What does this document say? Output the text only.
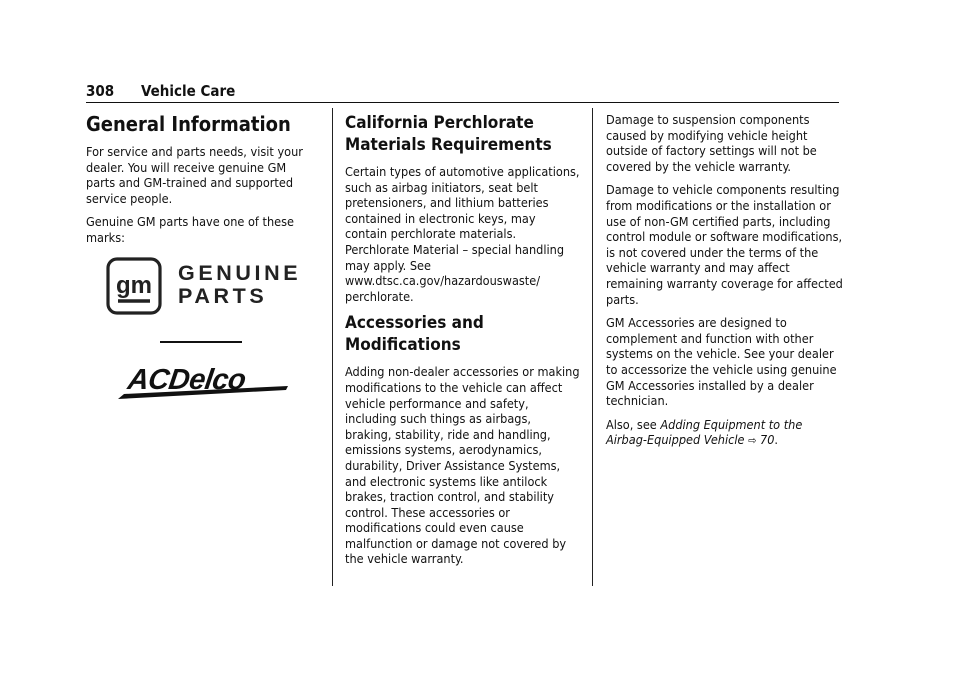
308 Vehicle Care
General Information

For service and parts needs, visit your dealer. You will receive genuine GM parts and GM-trained and supported service people.

Genuine GM parts have one of these marks:

gm GENUINE
PARTS
ACDelco
California Perchlorate Materials Requirements

Certain types of automotive applications, such as airbag initiators, seat belt pretensioners, and lithium batteries contained in electronic keys, may contain perchlorate materials. Perchlorate Material – special handling may apply. See www.dtsc.ca.gov/hazardouswaste/ perchlorate.

Accessories and Modifications

Adding non-dealer accessories or making modifications to the vehicle can affect vehicle performance and safety, including such things as airbags, braking, stability, ride and handling, emissions systems, aerodynamics, durability, Driver Assistance Systems, and electronic systems like antilock brakes, traction control, and stability control. These accessories or modifications could even cause malfunction or damage not covered by the vehicle warranty.

Damage to suspension components caused by modifying vehicle height outside of factory settings will not be covered by the vehicle warranty.

Damage to vehicle components resulting from modifications or the installation or use of non-GM certified parts, including control module or software modifications, is not covered under the terms of the vehicle warranty and may affect remaining warranty coverage for affected parts.

GM Accessories are designed to complement and function with other systems on the vehicle. See your dealer to accessorize the vehicle using genuine GM Accessories installed by a dealer technician.

Also, see Adding Equipment to the Airbag-Equipped Vehicle ⇨ 70.
